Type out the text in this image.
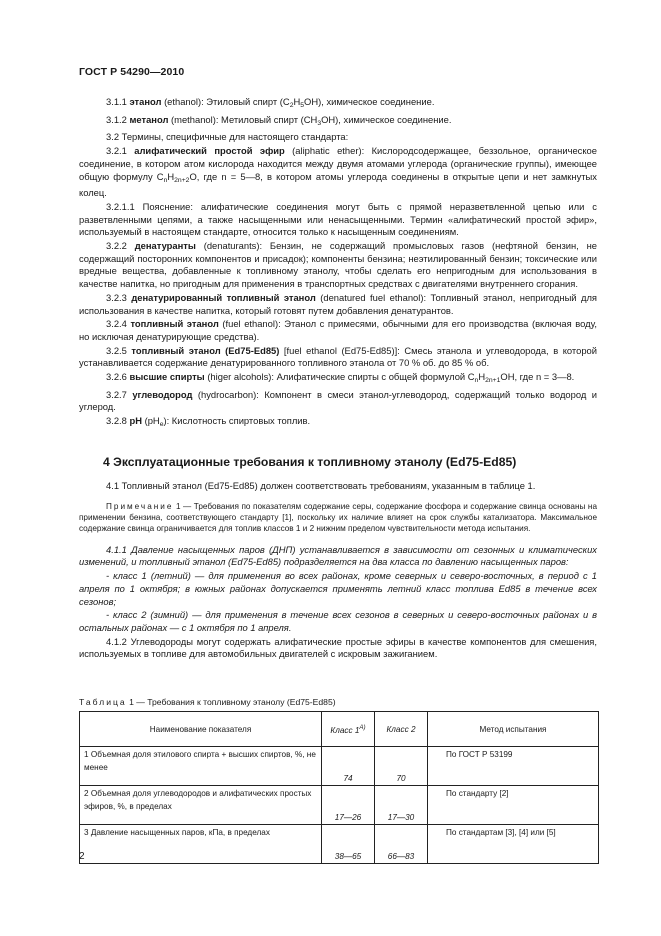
ГОСТ Р 54290—2010

3.1.1 этанол (ethanol): Этиловый спирт $(C_2H_5OH)$, химическое соединение.

3.1.2 метанол (methanol): Метиловый спирт $(CH_3OH)$, химическое соединение.

3.2 Термины, специфичные для настоящего стандарта:

3.2.1 алифатический простой эфир (aliphatic ether): Кислородсодержащее, беззольное, органическое соединение, в котором атом кислорода находится между двумя атомами углерода (органические группы), имеющее общую формулу $C_nH_{2n+2}O$, где n = 5—8, в котором атомы углерода соединены в открытые цепи и нет замкнутых колец.

3.2.1.1 Пояснение: алифатические соединения могут быть с прямой неразветвленной цепью или с разветвленными цепями, а также насыщенными или ненасыщенными. Термин «алифатический простой эфир», используемый в настоящем стандарте, относится только к насыщенным соединениям.

3.2.2 денатуранты (denaturants): Бензин, не содержащий промысловых газов (нефтяной бензин, не содержащий посторонних компонентов и присадок); компоненты бензина; неэтилированный бензин; токсические или вредные вещества, добавленные к топливному этанолу, чтобы сделать его непригодным для использования в качестве напитка, но пригодным для применения в транспортных средствах с двигателями внутреннего сгорания.

3.2.3 денатурированный топливный этанол (denatured fuel ethanol): Топливный этанол, непригодный для использования в качестве напитка, который готовят путем добавления денатурантов.

3.2.4 топливный этанол (fuel ethanol): Этанол с примесями, обычными для его производства (включая воду, но исключая денатурирующие средства).

3.2.5 топливный этанол (Ed75-Ed85) [fuel ethanol (Ed75-Ed85)]: Смесь этанола и углеводорода, в которой устанавливается содержание денатурированного топливного этанола от 70 % об. до 85 % об.

3.2.6 высшие спирты (higer alcohols): Алифатические спирты с общей формулой $C_nH_{2n+1}OH$, где n = 3—8.

3.2.7 углеводород (hydrocarbon): Компонент в смеси этанол-углеводород, содержащий только водород и углерод.

3.2.8 pH $(pH_e)$: Кислотность спиртовых топлив.

4 Эксплуатационные требования к топливному этанолу (Ed75-Ed85)

4.1 Топливный этанол (Ed75-Ed85) должен соответствовать требованиям, указанным в таблице 1.

Примечание 1 — Требования по показателям содержание серы, содержание фосфора и содержание свинца основаны на применении бензина, соответствующего стандарту [1], поскольку их наличие влияет на срок службы катализатора. Максимальное содержание свинца ограничивается для топлив классов 1 и 2 нижним пределом чувствительности метода испытания.

4.1.1 Давление насыщенных паров (ДНП) устанавливается в зависимости от сезонных и климатических изменений, и топливный этанол (Ed75-Ed85) подразделяется на два класса по давлению насыщенных паров:

- класс 1 (летний) — для применения во всех районах, кроме северных и северо-восточных, в период с 1 апреля по 1 октября; в южных районах допускается применять летний класс топлива Ed85 в течение всех сезонов;

- класс 2 (зимний) — для применения в течение всех сезонов в северных и северо-восточных районах и в остальных районах — с 1 октября по 1 апреля.

4.1.2 Углеводороды могут содержать алифатические простые эфиры в качестве компонентов для смешения, используемых в топливе для автомобильных двигателей с искровым зажиганием.

Таблица 1 — Требования к топливному этанолу (Ed75-Ed85)
Наименование показателя	Класс $1^{А)}$	Класс 2	Метод испытания
1 Объемная доля этилового спирта + высших спиртов, %, не менее	74	70	По ГОСТ Р 53199
2 Объемная доля углеводородов и алифатических простых эфиров, %, в пределах	17—26	17—30	По стандарту [2]
3 Давление насыщенных паров, кПа, в пределах	38—65	66—83	По стандартам [3], [4] или [5]
2
